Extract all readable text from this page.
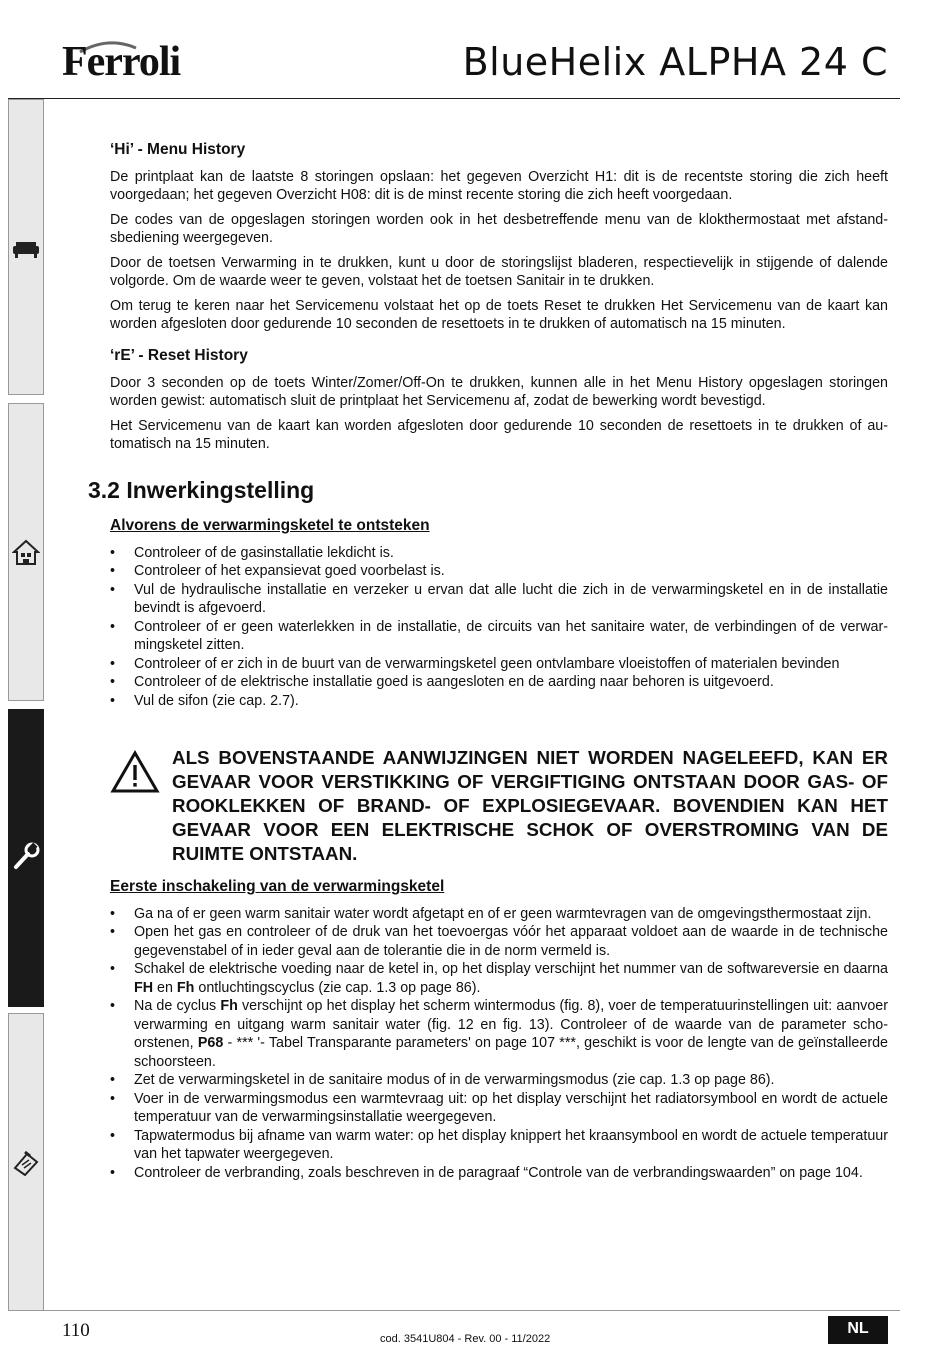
Ferroli	BlueHelix ALPHA 24 C
‘Hi’ - Menu History

De printplaat kan de laatste 8 storingen opslaan: het gegeven Overzicht H1: dit is de recentste storing die zich heeft voorgedaan; het gegeven Overzicht H08: dit is de minst recente storing die zich heeft voorgedaan.

De codes van de opgeslagen storingen worden ook in het desbetreffende menu van de klokthermostaat met afstandsbediening weergegeven.

Door de toetsen Verwarming in te drukken, kunt u door de storingslijst bladeren, respectievelijk in stijgende of dalende volgorde. Om de waarde weer te geven, volstaat het de toetsen Sanitair in te drukken.

Om terug te keren naar het Servicemenu volstaat het op de toets Reset te drukken Het Servicemenu van de kaart kan worden afgesloten door gedurende 10 seconden de resettoets in te drukken of automatisch na 15 minuten.

‘rE’ - Reset History

Door 3 seconden op de toets Winter/Zomer/Off-On te drukken, kunnen alle in het Menu History opgeslagen storingen worden gewist: automatisch sluit de printplaat het Servicemenu af, zodat de bewerking wordt bevestigd.

Het Servicemenu van de kaart kan worden afgesloten door gedurende 10 seconden de resettoets in te drukken of automatisch na 15 minuten.

3.2 Inwerkingstelling
Alvorens de verwarmingsketel te ontsteken
• Controleer of de gasinstallatie lekdicht is.
• Controleer of het expansievat goed voorbelast is.
• Vul de hydraulische installatie en verzeker u ervan dat alle lucht die zich in de verwarmingsketel en in de installatie bevindt is afgevoerd.
• Controleer of er geen waterlekken in de installatie, de circuits van het sanitaire water, de verbindingen of de verwarmingsketel zitten.
• Controleer of er zich in de buurt van de verwarmingsketel geen ontvlambare vloeistoffen of materialen bevinden
• Controleer of de elektrische installatie goed is aangesloten en de aarding naar behoren is uitgevoerd.
• Vul de sifon (zie cap. 2.7).
ALS BOVENSTAANDE AANWIJZINGEN NIET WORDEN NAGELEEFD, KAN ER GEVAAR VOOR VERSTIKKING OF VERGIFTIGING ONTSTAAN DOOR GAS- OF ROOKLEKKEN OF BRAND- OF EXPLOSIEGEVAAR. BOVENDIEN KAN HET GEVAAR VOOR EEN ELEKTRISCHE SCHOK OF OVERSTROMING VAN DE RUIMTE ONTSTAAN.
Eerste inschakeling van de verwarmingsketel
• Ga na of er geen warm sanitair water wordt afgetapt en of er geen warmtevragen van de omgevingsthermostaat zijn.
• Open het gas en controleer of de druk van het toevoergas vóór het apparaat voldoet aan de waarde in de technische gegevenstabel of in ieder geval aan de tolerantie die in de norm vermeld is.
• Schakel de elektrische voeding naar de ketel in, op het display verschijnt het nummer van de softwareversie en daarna FH en Fh ontluchtingscyclus (zie cap. 1.3 op page 86).
• Na de cyclus Fh verschijnt op het display het scherm wintermodus (fig. 8), voer de temperatuurinstellingen uit: aanvoer verwarming en uitgang warm sanitair water (fig. 12 en fig. 13). Controleer of de waarde van de parameter schoorstenen, P68 - *** '- Tabel Transparante parameters' on page 107 ***, geschikt is voor de lengte van de geïnstalleerde schoorsteen.
• Zet de verwarmingsketel in de sanitaire modus of in de verwarmingsmodus (zie cap. 1.3 op page 86).
• Voer in de verwarmingsmodus een warmtevraag uit: op het display verschijnt het radiatorsymbool en wordt de actuele temperatuur van de verwarmingsinstallatie weergegeven.
• Tapwatermodus bij afname van warm water: op het display knippert het kraansymbool en wordt de actuele temperatuur van het tapwater weergegeven.
• Controleer de verbranding, zoals beschreven in de paragraaf “Controle van de verbrandingswaarden” on page 104.
110	cod. 3541U804 - Rev. 00 - 11/2022
NL
